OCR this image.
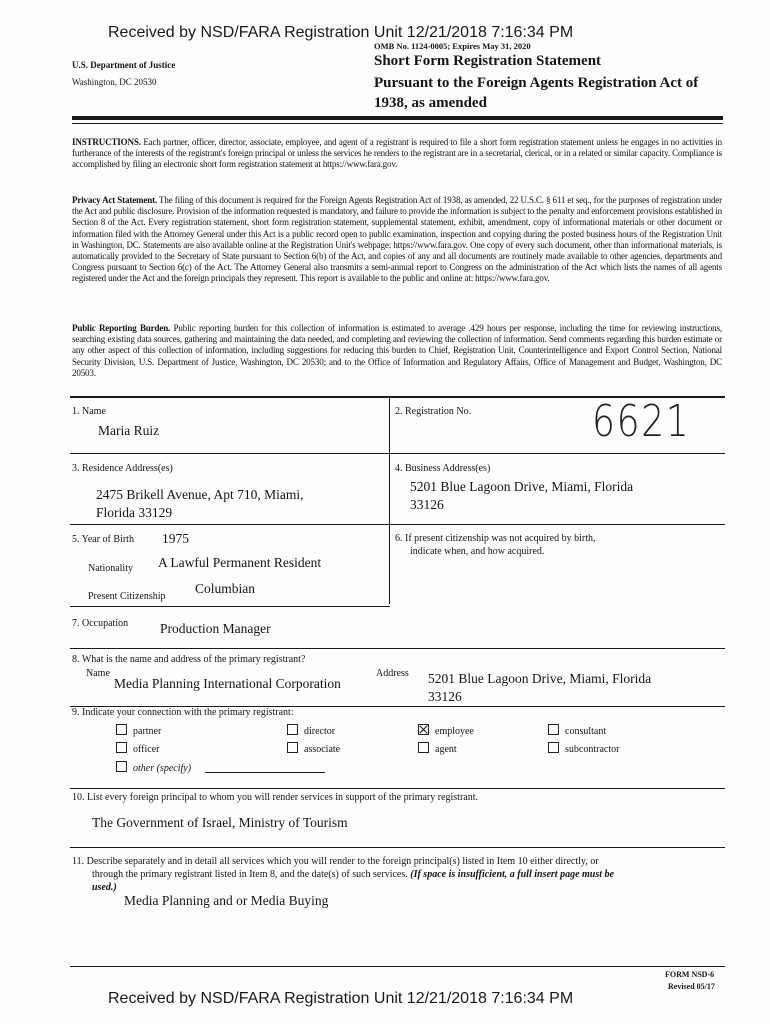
Received by NSD/FARA Registration Unit 12/21/2018 7:16:34 PM
OMB No. 1124-0005; Expires May 31, 2020
U.S. Department of Justice
Washington, DC 20530
Short Form Registration Statement
Pursuant to the Foreign Agents Registration Act of
1938, as amended
INSTRUCTIONS. Each partner, officer, director, associate, employee, and agent of a registrant is required to file a short form registration statement unless he engages in no activities in furtherance of the interests of the registrant's foreign principal or unless the services he renders to the registrant are in a secretarial, clerical, or in a related or similar capacity. Compliance is accomplished by filing an electronic short form registration statement at https://www.fara.gov.
Privacy Act Statement. The filing of this document is required for the Foreign Agents Registration Act of 1938, as amended, 22 U.S.C. § 611 et seq., for the purposes of registration under the Act and public disclosure. Provision of the information requested is mandatory, and failure to provide the information is subject to the penalty and enforcement provisions established in Section 8 of the Act. Every registration statement, short form registration statement, supplemental statement, exhibit, amendment, copy of informational materials or other document or information filed with the Attorney General under this Act is a public record open to public examination, inspection and copying during the posted business hours of the Registration Unit in Washington, DC. Statements are also available online at the Registration Unit's webpage: https://www.fara.gov. One copy of every such document, other than informational materials, is automatically provided to the Secretary of State pursuant to Section 6(b) of the Act, and copies of any and all documents are routinely made available to other agencies, departments and Congress pursuant to Section 6(c) of the Act. The Attorney General also transmits a semi-annual report to Congress on the administration of the Act which lists the names of all agents registered under the Act and the foreign principals they represent. This report is available to the public and online at: https://www.fara.gov.
Public Reporting Burden. Public reporting burden for this collection of information is estimated to average .429 hours per response, including the time for reviewing instructions, searching existing data sources, gathering and maintaining the data needed, and completing and reviewing the collection of information. Send comments regarding this burden estimate or any other aspect of this collection of information, including suggestions for reducing this burden to Chief, Registration Unit, Counterintelligence and Export Control Section, National Security Division, U.S. Department of Justice, Washington, DC 20530; and to the Office of Information and Regulatory Affairs, Office of Management and Budget, Washington, DC 20503.
1. Name
Maria Ruiz
2. Registration No.	6621
3. Residence Address(es)
2475 Brikell Avenue, Apt 710, Miami,
Florida 33129
4. Business Address(es)
5201 Blue Lagoon Drive, Miami, Florida
33126
5. Year of Birth 1975
Nationality A Lawful Permanent Resident
Present Citizenship
Columbian
6. If present citizenship was not acquired by birth,
indicate when, and how acquired.
7. Occupation Production Manager
8. What is the name and address of the primary registrant?
Name
Media Planning International Corporation
Address 5201 Blue Lagoon Drive, Miami, Florida
33126
9. Indicate your connection with the primary registrant:
partner	director	employee	consultant
officer	associate	agent	subcontractor
other (specify)
10. List every foreign principal to whom you will render services in support of the primary registrant.
The Government of Israel, Ministry of Tourism
11. Describe separately and in detail all services which you will render to the foreign principal(s) listed in Item 10 either directly, or
through the primary registrant listed in Item 8, and the date(s) of such services. (If space is insufficient, a full insert page must be
used.)
Media Planning and or Media Buying
FORM NSD-6
Revised 05/17
Received by NSD/FARA Registration Unit 12/21/2018 7:16:34 PM
